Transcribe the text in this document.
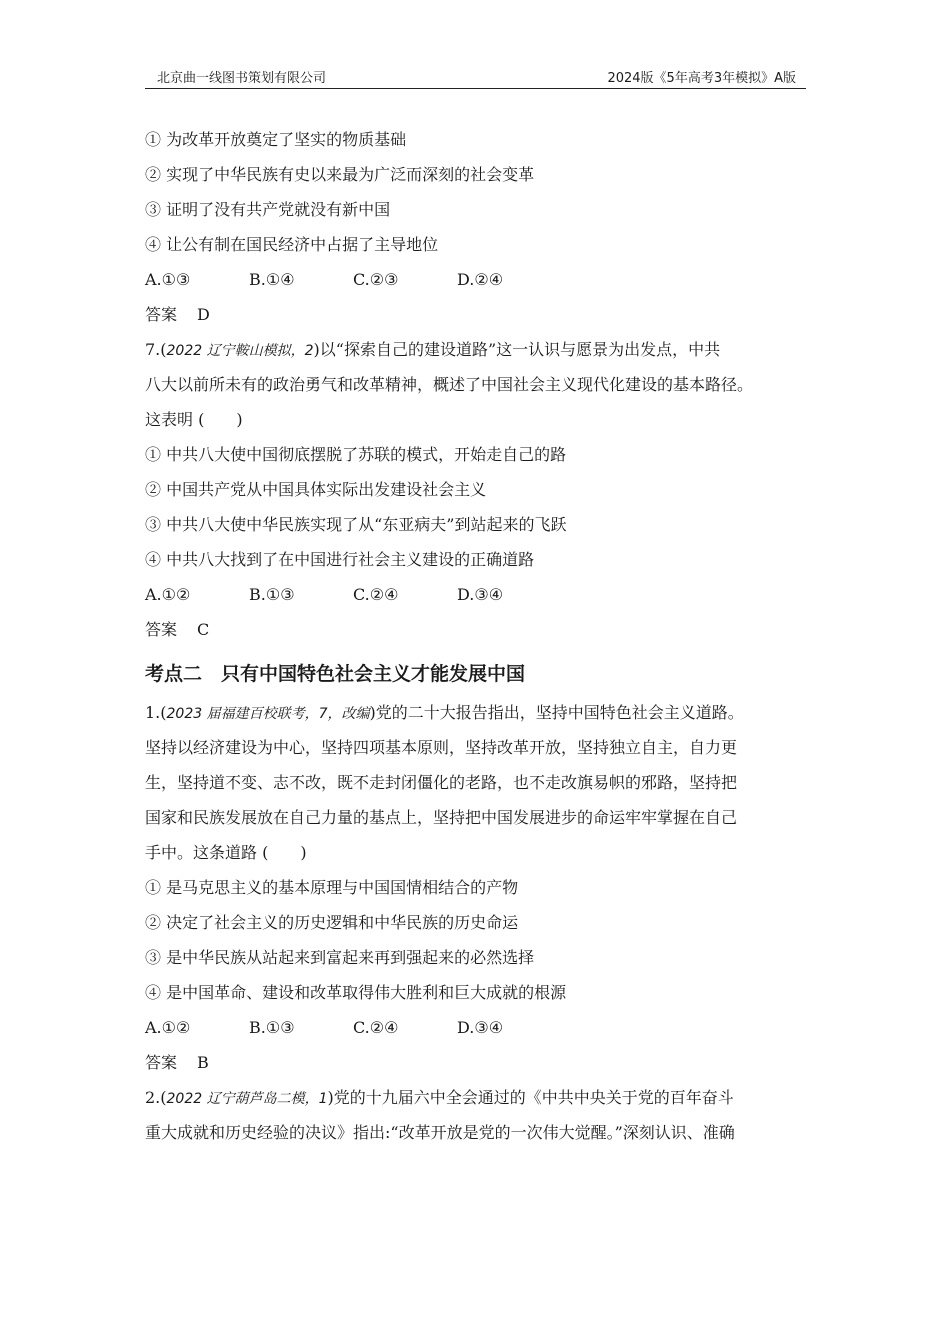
北京曲一线图书策划有限公司	2024版《5年高考3年模拟》A版
① 为改革开放奠定了坚实的物质基础
② 实现了中华民族有史以来最为广泛而深刻的社会变革
③ 证明了没有共产党就没有新中国
④ 让公有制在国民经济中占据了主导地位
A.①③	B.①④	C.②③	D.②④
答案 D
7.(2022 辽宁鞍山模拟，2)以“探索自己的建设道路”这一认识与愿景为出发点，中共
八大以前所未有的政治勇气和改革精神，概述了中国社会主义现代化建设的基本路径。
这表明 (　　)
① 中共八大使中国彻底摆脱了苏联的模式，开始走自己的路
② 中国共产党从中国具体实际出发建设社会主义
③ 中共八大使中华民族实现了从“东亚病夫”到站起来的飞跃
④ 中共八大找到了在中国进行社会主义建设的正确道路
A.①②	B.①③	C.②④	D.③④
答案 C
考点二　只有中国特色社会主义才能发展中国
1.(2023 届福建百校联考，7，改编)党的二十大报告指出，坚持中国特色社会主义道路。
坚持以经济建设为中心，坚持四项基本原则，坚持改革开放，坚持独立自主，自力更
生，坚持道不变、志不改，既不走封闭僵化的老路，也不走改旗易帜的邪路，坚持把
国家和民族发展放在自己力量的基点上，坚持把中国发展进步的命运牢牢掌握在自己
手中。这条道路 (　　)
① 是马克思主义的基本原理与中国国情相结合的产物
② 决定了社会主义的历史逻辑和中华民族的历史命运
③ 是中华民族从站起来到富起来再到强起来的必然选择
④ 是中国革命、建设和改革取得伟大胜利和巨大成就的根源
A.①②	B.①③	C.②④	D.③④
答案 B
2.(2022 辽宁葫芦岛二模，1)党的十九届六中全会通过的《中共中央关于党的百年奋斗
重大成就和历史经验的决议》指出:“改革开放是党的一次伟大觉醒。”深刻认识、准确
